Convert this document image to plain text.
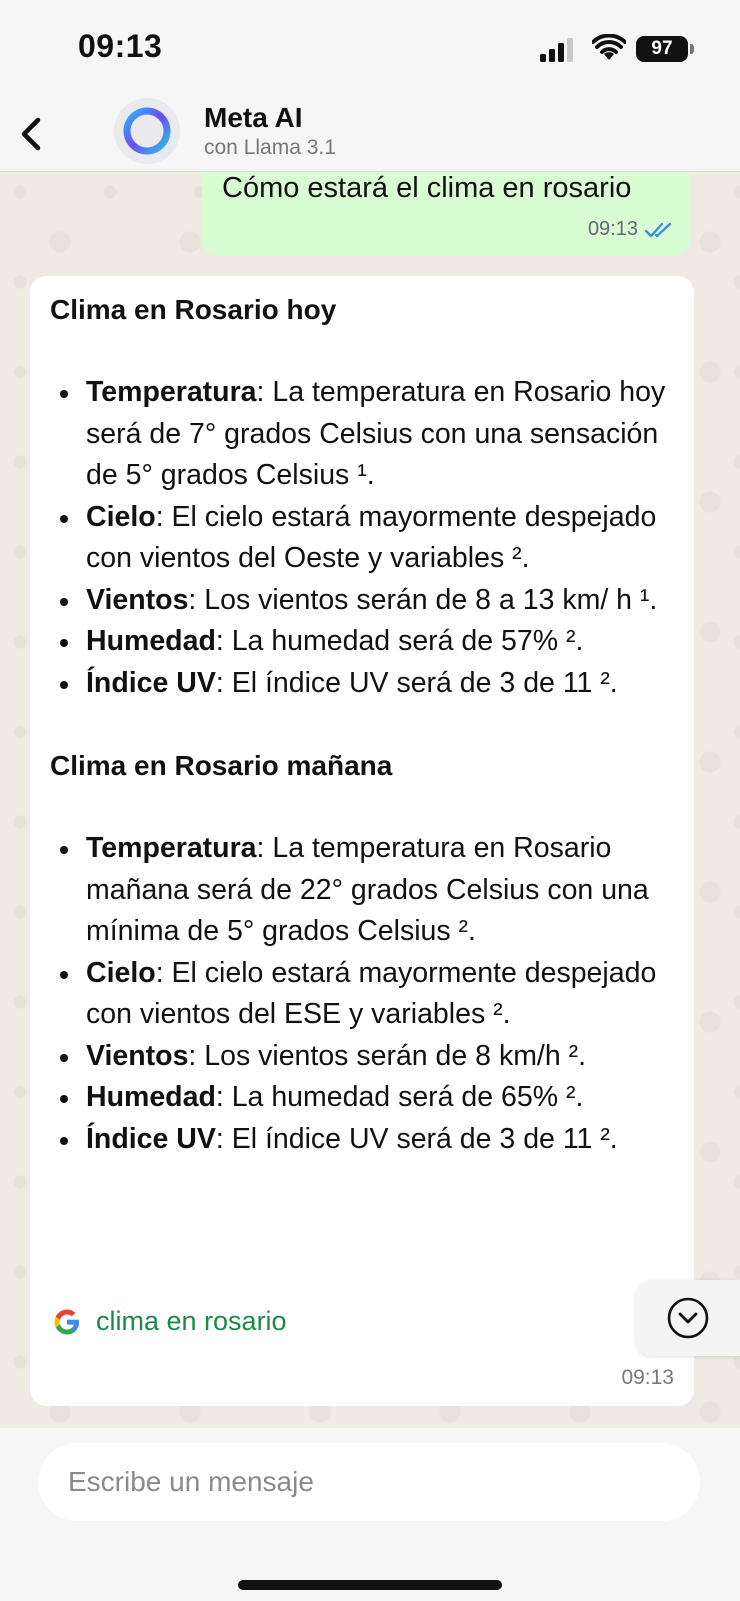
09:13	97
Meta AI
con Llama 3.1
Cómo estará el clima en rosario
09:13
Clima en Rosario hoy
Temperatura: La temperatura en Rosario hoy será de 7° grados Celsius con una sensación de 5° grados Celsius ¹.
Cielo: El cielo estará mayormente despejado con vientos del Oeste y variables ².
Vientos: Los vientos serán de 8 a 13 km/ h ¹.
Humedad: La humedad será de 57% ².
Índice UV: El índice UV será de 3 de 11 ².
Clima en Rosario mañana
Temperatura: La temperatura en Rosario mañana será de 22° grados Celsius con una mínima de 5° grados Celsius ².
Cielo: El cielo estará mayormente despejado con vientos del ESE y variables ².
Vientos: Los vientos serán de 8 km/h ².
Humedad: La humedad será de 65% ².
Índice UV: El índice UV será de 3 de 11 ².
clima en rosario
09:13
Escribe un mensaje
